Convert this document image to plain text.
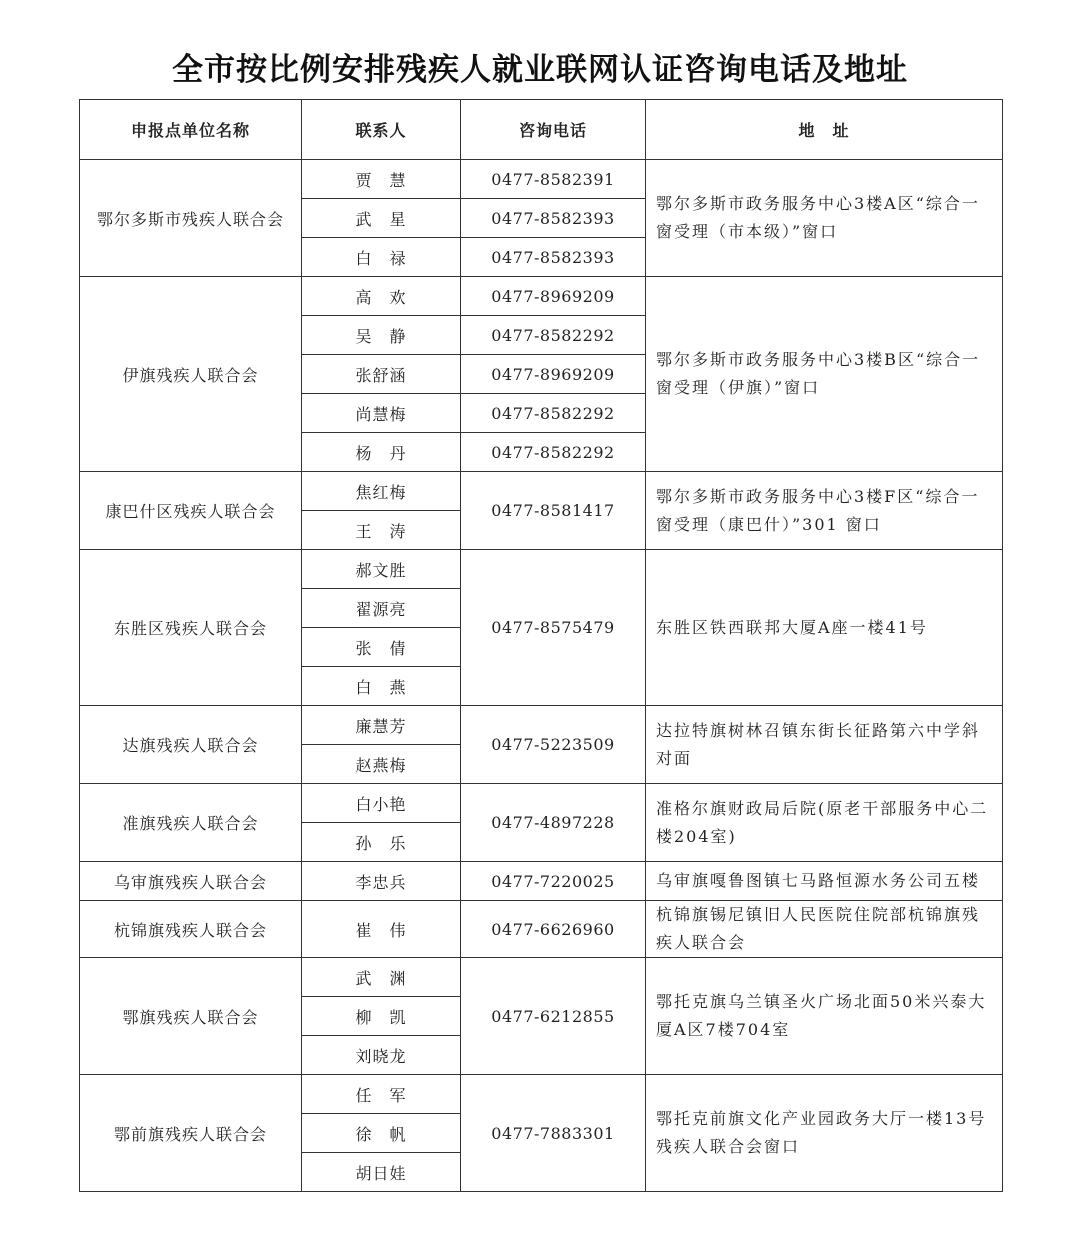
全市按比例安排残疾人就业联网认证咨询电话及地址
申报点单位名称	联系人	咨询电话	地　址
鄂尔多斯市残疾人联合会	贾　慧	0477-8582391	鄂尔多斯市政务服务中心3楼A区“综合一窗受理（市本级）”窗口
	武　星	0477-8582393	
	白　禄	0477-8582393	
伊旗残疾人联合会	高　欢	0477-8969209	鄂尔多斯市政务服务中心3楼B区“综合一窗受理（伊旗）”窗口
	吴　静	0477-8582292	
	张舒涵	0477-8969209	
	尚慧梅	0477-8582292	
	杨　丹	0477-8582292	
康巴什区残疾人联合会	焦红梅	0477-8581417	鄂尔多斯市政务服务中心3楼F区“综合一窗受理（康巴什）”301 窗口
	王　涛		
东胜区残疾人联合会	郝文胜	0477-8575479	东胜区铁西联邦大厦A座一楼41号
	翟源亮		
	张　倩		
	白　燕		
达旗残疾人联合会	廉慧芳	0477-5223509	达拉特旗树林召镇东街长征路第六中学斜对面
	赵燕梅		
准旗残疾人联合会	白小艳	0477-4897228	准格尔旗财政局后院(原老干部服务中心二楼204室)
	孙　乐		
乌审旗残疾人联合会	李忠兵	0477-7220025	乌审旗嘎鲁图镇七马路恒源水务公司五楼
杭锦旗残疾人联合会	崔　伟	0477-6626960	杭锦旗锡尼镇旧人民医院住院部杭锦旗残疾人联合会
鄂旗残疾人联合会	武　渊	0477-6212855	鄂托克旗乌兰镇圣火广场北面50米兴泰大厦A区7楼704室
	柳　凯		
	刘晓龙		
鄂前旗残疾人联合会	任　军	0477-7883301	鄂托克前旗文化产业园政务大厅一楼13号残疾人联合会窗口
	徐　帆		
	胡日娃		
